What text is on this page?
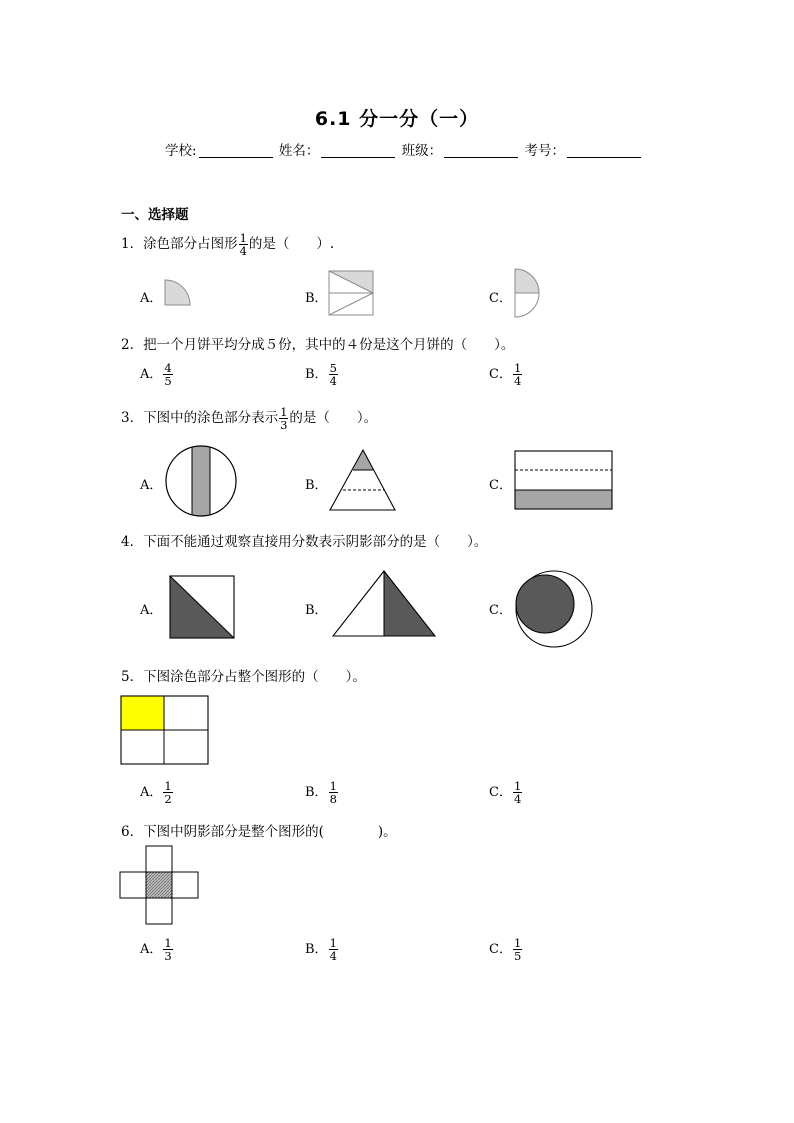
6.1 分一分（一）
学校:	姓名：	班级：	考号：
一、选择题
1．涂色部分占图形 $\frac{1}{4}$ 的是（　　）.
A．	B．	C．
2．把一个月饼平均分成５份，其中的４份是这个月饼的（　　）。
A． $\frac{4}{5}$	B． $\frac{5}{4}$	C． $\frac{1}{4}$
3．下图中的涂色部分表示 $\frac{1}{3}$ 的是（　　）。
A．	B．	C．
4．下面不能通过观察直接用分数表示阴影部分的是（　　）。
A．	B．	C．
5．下图涂色部分占整个图形的（　　）。
A． $\frac{1}{2}$	B． $\frac{1}{8}$	C． $\frac{1}{4}$
6．下图中阴影部分是整个图形的(　　　　)。
A． $\frac{1}{3}$	B． $\frac{1}{4}$	C． $\frac{1}{5}$
